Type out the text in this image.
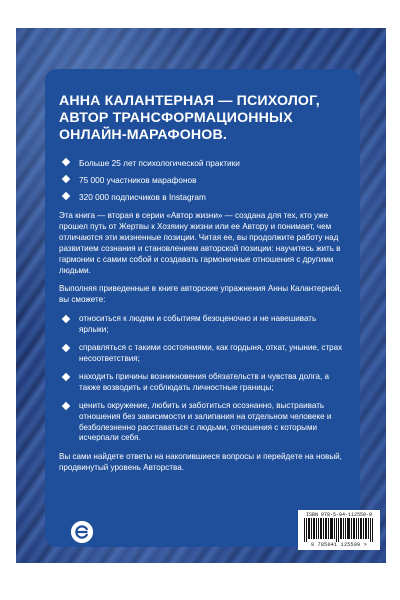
АННА КАЛАНТЕРНАЯ — ПСИХОЛОГ,
АВТОР ТРАНСФОРМАЦИОННЫХ
ОНЛАЙН-МАРАФОНОВ.
Больше 25 лет психологической практики
75 000 участников марафонов
320 000 подписчиков в Instagram

Эта книга — вторая в серии «Автор жизни» — создана для тех, кто уже прошел путь от Жертвы к Хозяину жизни или ее Автору и понимает, чем отличаются эти жизненные позиции. Читая ее, вы продолжите работу над развитием сознания и становлением авторской позиции: научитесь жить в гармонии с самим собой и создавать гармоничные отношения с другими людьми.

Выполняя приведенные в книге авторские упражнения Анны Калантерной, вы сможете:

относиться к людям и событиям безоценочно и не навешивать ярлыки;
справляться с такими состояниями, как гордыня, откат, уныние, страх несоответствия;
находить причины возникновения обязательств и чувства долга, а также возводить и соблюдать личностные границы;
ценить окружение, любить и заботиться осознанно, выстраивать отношения без зависимости и залипания на отдельном человеке и безболезненно расставаться с людьми, отношения с которыми исчерпали себя.

Вы сами найдете ответы на накопившиеся вопросы и перейдете на новый, продвинутый уровень Авторства.

ISBN 978-5-04-112550-9
9 785041 125509 >
